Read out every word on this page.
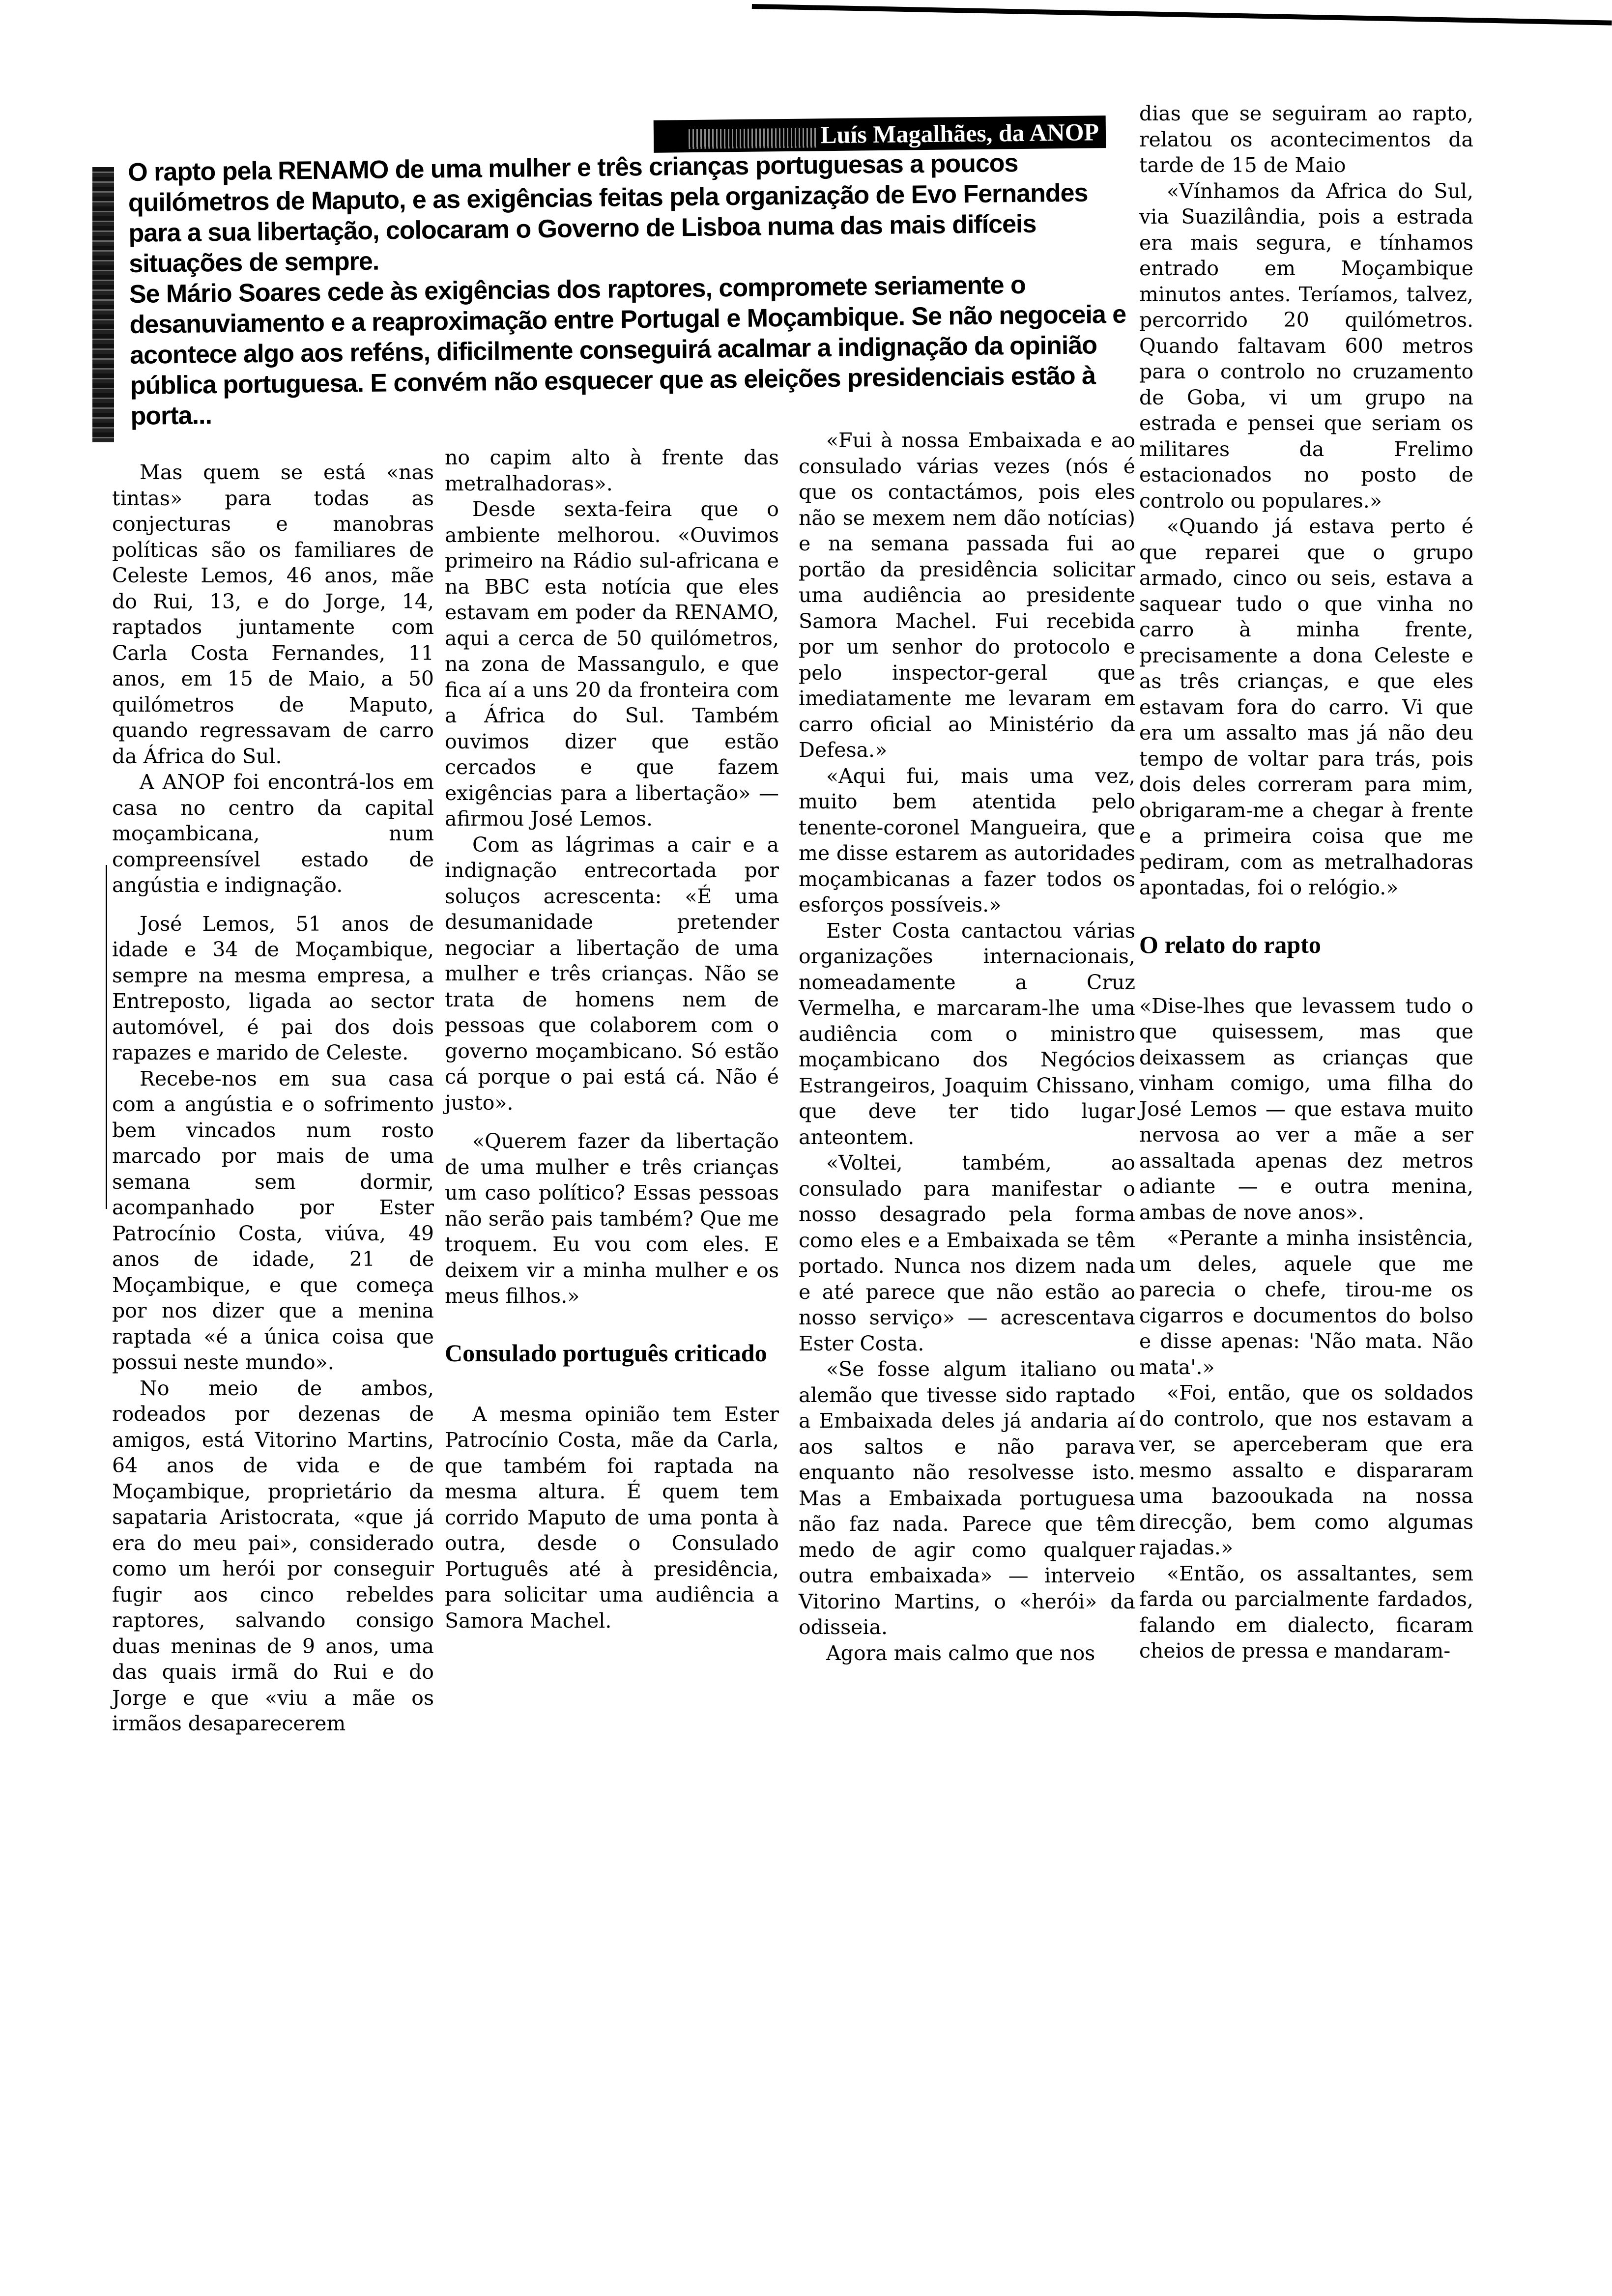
Luís Magalhães, da ANOP

O rapto pela RENAMO de uma mulher e três crianças portuguesas a poucos quilómetros de Maputo, e as exigências feitas pela organização de Evo Fernandes para a sua libertação, colocaram o Governo de Lisboa numa das mais difíceis situações de sempre.

Se Mário Soares cede às exigências dos raptores, compromete seriamente o desanuviamento e a reaproximação entre Portugal e Moçambique. Se não negoceia e acontece algo aos reféns, dificilmente conseguirá acalmar a indignação da opinião pública portuguesa. E convém não esquecer que as eleições presidenciais estão à porta...

Mas quem se está «nas tintas» para todas as conjecturas e manobras políticas são os familiares de Celeste Lemos, 46 anos, mãe do Rui, 13, e do Jorge, 14, raptados juntamente com Carla Costa Fernandes, 11 anos, em 15 de Maio, a 50 quilómetros de Maputo, quando regressavam de carro da África do Sul.

A ANOP foi encontrá-los em casa no centro da capital moçambicana, num compreensível estado de angústia e indignação.

José Lemos, 51 anos de idade e 34 de Moçambique, sempre na mesma empresa, a Entreposto, ligada ao sector automóvel, é pai dos dois rapazes e marido de Celeste.

Recebe-nos em sua casa com a angústia e o sofrimento bem vincados num rosto marcado por mais de uma semana sem dormir, acompanhado por Ester Patrocínio Costa, viúva, 49 anos de idade, 21 de Moçambique, e que começa por nos dizer que a menina raptada «é a única coisa que possui neste mundo».

No meio de ambos, rodeados por dezenas de amigos, está Vitorino Martins, 64 anos de vida e de Moçambique, proprietário da sapataria Aristocrata, «que já era do meu pai», considerado como um herói por conseguir fugir aos cinco rebeldes raptores, salvando consigo duas meninas de 9 anos, uma das quais irmã do Rui e do Jorge e que «viu a mãe os irmãos desaparecerem

no capim alto à frente das metralhadoras».

Desde sexta-feira que o ambiente melhorou. «Ouvimos primeiro na Rádio sul-africana e na BBC esta notícia que eles estavam em poder da RENAMO, aqui a cerca de 50 quilómetros, na zona de Massangulo, e que fica aí a uns 20 da fronteira com a África do Sul. Também ouvimos dizer que estão cercados e que fazem exigências para a libertação» — afirmou José Lemos.

Com as lágrimas a cair e a indignação entrecortada por soluços acrescenta: «É uma desumanidade pretender negociar a libertação de uma mulher e três crianças. Não se trata de homens nem de pessoas que colaborem com o governo moçambicano. Só estão cá porque o pai está cá. Não é justo».

«Querem fazer da libertação de uma mulher e três crianças um caso político? Essas pessoas não serão pais também? Que me troquem. Eu vou com eles. E deixem vir a minha mulher e os meus filhos.»

Consulado português criticado

A mesma opinião tem Ester Patrocínio Costa, mãe da Carla, que também foi raptada na mesma altura. É quem tem corrido Maputo de uma ponta à outra, desde o Consulado Português até à presidência, para solicitar uma audiência a Samora Machel.

«Fui à nossa Embaixada e ao consulado várias vezes (nós é que os contactámos, pois eles não se mexem nem dão notícias) e na semana passada fui ao portão da presidência solicitar uma audiência ao presidente Samora Machel. Fui recebida por um senhor do protocolo e pelo inspector-geral que imediatamente me levaram em carro oficial ao Ministério da Defesa.»

«Aqui fui, mais uma vez, muito bem atentida pelo tenente-coronel Mangueira, que me disse estarem as autoridades moçambicanas a fazer todos os esforços possíveis.»

Ester Costa cantactou várias organizações internacionais, nomeadamente a Cruz Vermelha, e marcaram-lhe uma audiência com o ministro moçambicano dos Negócios Estrangeiros, Joaquim Chissano, que deve ter tido lugar anteontem.

«Voltei, também, ao consulado para manifestar o nosso desagrado pela forma como eles e a Embaixada se têm portado. Nunca nos dizem nada e até parece que não estão ao nosso serviço» — acrescentava Ester Costa.

«Se fosse algum italiano ou alemão que tivesse sido raptado a Embaixada deles já andaria aí aos saltos e não parava enquanto não resolvesse isto. Mas a Embaixada portuguesa não faz nada. Parece que têm medo de agir como qualquer outra embaixada» — interveio Vitorino Martins, o «herói» da odisseia.

Agora mais calmo que nos

dias que se seguiram ao rapto, relatou os acontecimentos da tarde de 15 de Maio

«Vínhamos da Africa do Sul, via Suazilândia, pois a estrada era mais segura, e tínhamos entrado em Moçambique minutos antes. Teríamos, talvez, percorrido 20 quilómetros. Quando faltavam 600 metros para o controlo no cruzamento de Goba, vi um grupo na estrada e pensei que seriam os militares da Frelimo estacionados no posto de controlo ou populares.»

«Quando já estava perto é que reparei que o grupo armado, cinco ou seis, estava a saquear tudo o que vinha no carro à minha frente, precisamente a dona Celeste e as três crianças, e que eles estavam fora do carro. Vi que era um assalto mas já não deu tempo de voltar para trás, pois dois deles correram para mim, obrigaram-me a chegar à frente e a primeira coisa que me pediram, com as metralhadoras apontadas, foi o relógio.»

O relato do rapto

«Dise-lhes que levassem tudo o que quisessem, mas que deixassem as crianças que vinham comigo, uma filha do José Lemos — que estava muito nervosa ao ver a mãe a ser assaltada apenas dez metros adiante — e outra menina, ambas de nove anos».

«Perante a minha insistência, um deles, aquele que me parecia o chefe, tirou-me os cigarros e documentos do bolso e disse apenas: 'Não mata. Não mata'.»

«Foi, então, que os soldados do controlo, que nos estavam a ver, se aperceberam que era mesmo assalto e dispararam uma bazooukada na nossa direcção, bem como algumas rajadas.»

«Então, os assaltantes, sem farda ou parcialmente fardados, falando em dialecto, ficaram cheios de pressa e mandaram-
